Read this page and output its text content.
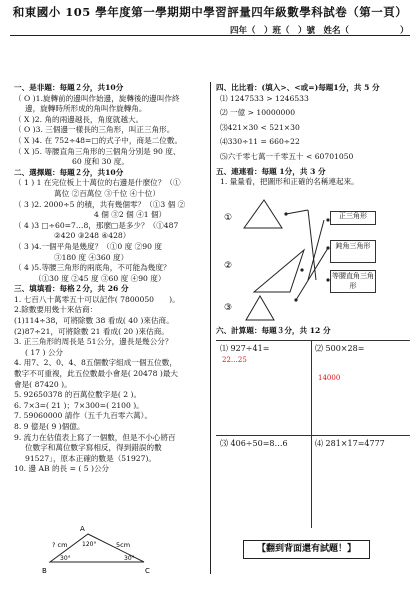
和東國小 105 學年度第一學期期中學習評量四年級數學科試卷（第一頁）
四年（　）班（　）號　姓名（　　　　　　）

一、是非題：每題２分，共10分

（ O )1.旋轉前的邊叫作始邊，旋轉後的邊叫作終

邊，旋轉時所形成的角叫作旋轉角。

（ X )2. 角的兩邊越長，角度就越大。

（ O )3. 三個邊一樣長的三角形，叫正三角形。

（ X )4. 在 752÷48=□的式子中，商是二位數。

（ X )5. 等腰直角三角形的三個角分別是 90 度、

60 度和 30 度。

二、選擇題：每題２分，共10分

（ 1 ) 1 在完位板上十萬位的右邊是什麼位？（①

萬位 ②百萬位 ③千位 ④十位）

（ 3 )2. 2000÷5 的積，共有幾個零？（①3 個 ②

4 個 ③2 個 ④1 個）

（ 4 )3 □÷60=7…8，那麼□是多少？（①487

②420 ③248 ④428）

（ 3 )4.一個平角是幾度？（①0 度 ②90 度

③180 度 ④360 度）

（ 4 )5.等腰三角形的兩底角，不可能為幾度？

（①30 度 ②45 度 ③60 度 ④90 度）

三、填填看：每格２分，共 26 分

1. 七百八十萬零五十可以記作( 7800050　　)。

2.除數要用幾十來估商：

(1)114÷38，可將除數 38 看成( 40 )來估商。

(2)87÷21，可將除數 21 看成( 20 )來估商。

3. 正三角形的周長是 51公分，邊長是幾公分？

( 17 ) 公分

4. 用7、2、0、4、8五個數字組成一個五位數，

數字不可重複，此五位數最小會是( 20478 )最大

會是( 87420 )。

5. 92650378 的百萬位數字是( 2 )。

6. 7×3=( 21 )；7×300=( 2100 )。

7. 59060000 請作（五千九百零六萬）。

8. 9 億是( 9 )個億。

9. 流力在估值表上寫了一個數，但是不小心將百

位數字和萬位數字寫相反，得到錯誤的數

91527」，原本正確的數是（51927)。

10. 邊 AB 的長 = ( 5 )公分

B	C
A
? cm	5cm
120°
30°	30°

四、比比看：(填入>、<或=)每題1分，共 5 分

⑴ 1247533 > 1246533

⑵ 一億 > 10000000

⑶421×30 < 521×30

⑷330÷11 = 660÷22

⑸六千零七萬一千零五十 < 60701050

五、連連看：每題 1分，共 3 分

1. 量量看，把圖形和正確的名稱連起來。

①
②
③
正三角形
鈍角三角形
等腰直角三角形

六、計算題：每題３分，共 12 分

⑴ 927÷41=
22…25
⑵ 500×28=
14000
⑶ 406÷50=8…6	⑷ 281×17=4777
【翻到背面還有試題！】
